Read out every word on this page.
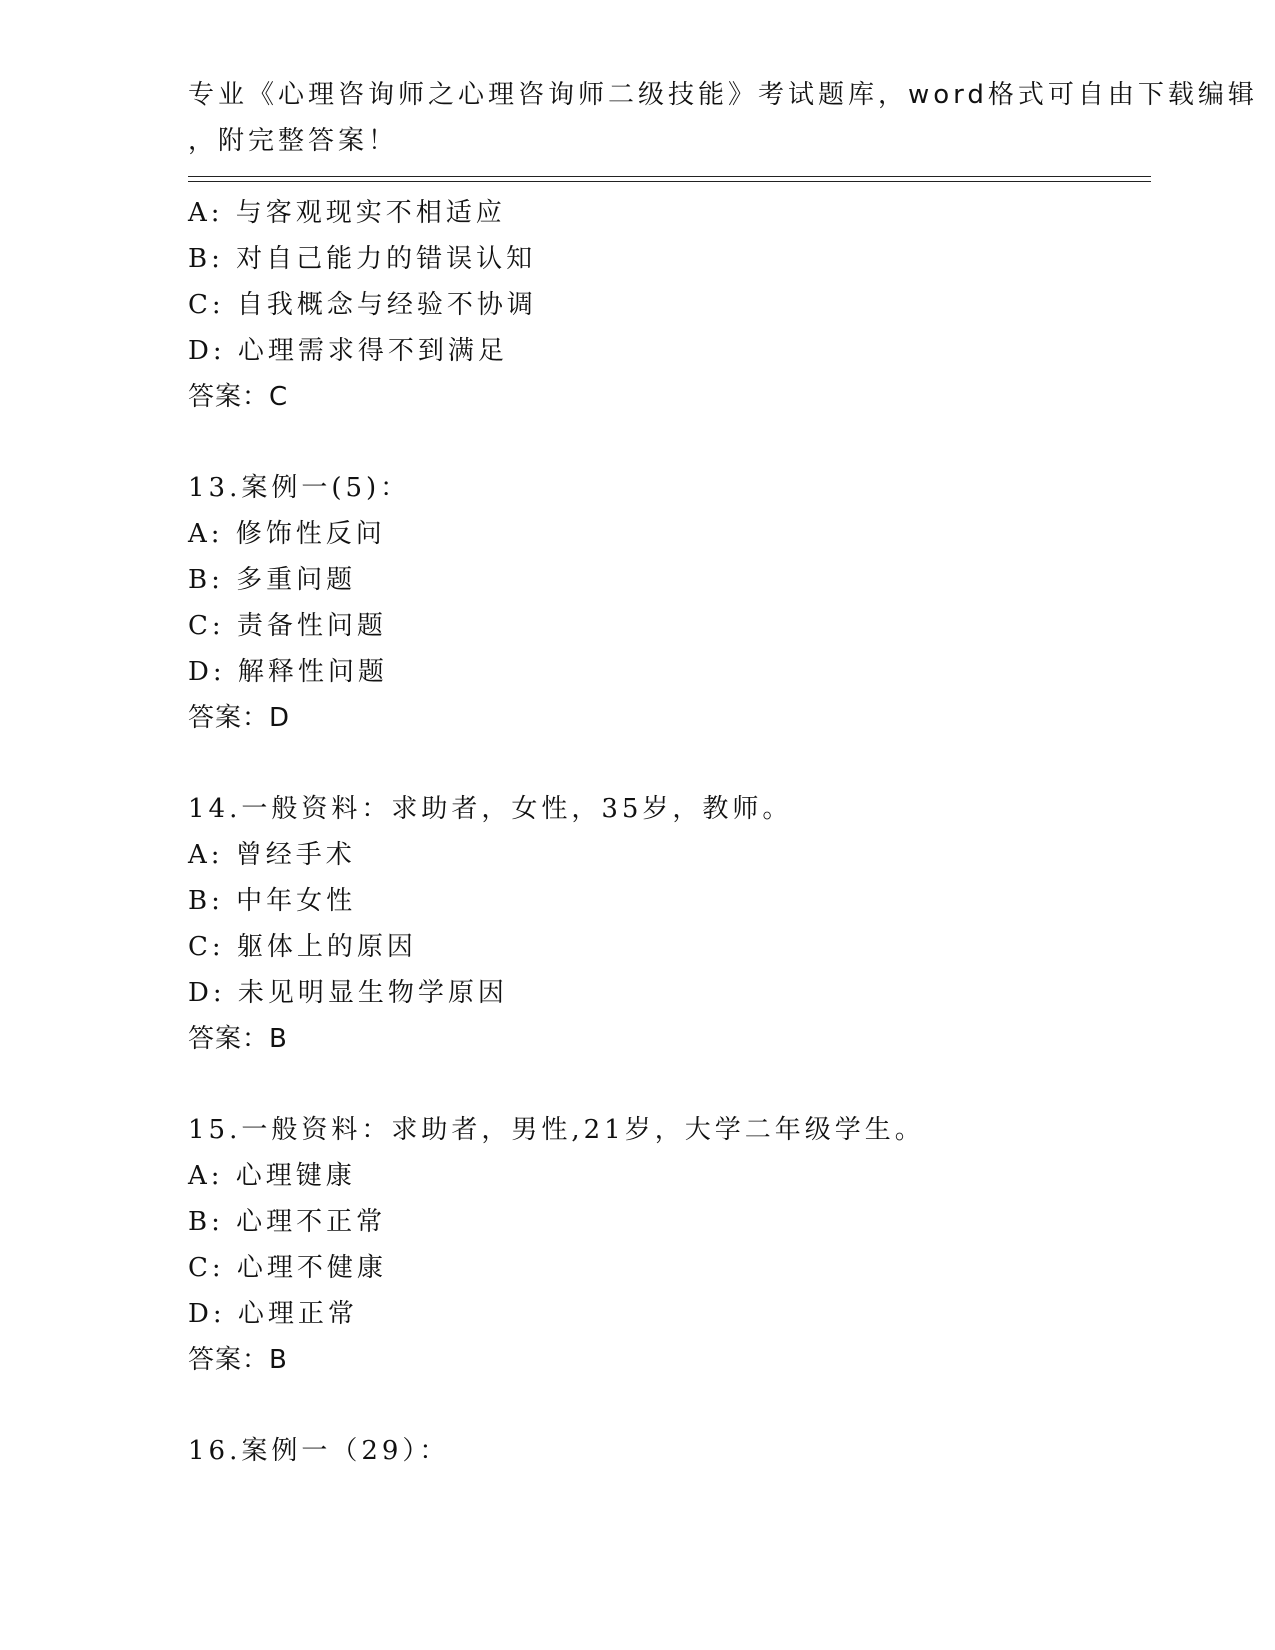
专业《心理咨询师之心理咨询师二级技能》考试题库，word格式可自由下载编辑
，附完整答案！
A: 与客观现实不相适应
B: 对自己能力的错误认知
C: 自我概念与经验不协调
D: 心理需求得不到满足
答案：C
13.案例一(5)：
A: 修饰性反问
B: 多重问题
C: 责备性问题
D: 解释性问题
答案：D
14.一般资料：求助者，女性，35岁，教师。
A: 曾经手术
B: 中年女性
C: 躯体上的原因
D: 未见明显生物学原因
答案：B
15.一般资料：求助者，男性,21岁，大学二年级学生。
A: 心理键康
B: 心理不正常
C: 心理不健康
D: 心理正常
答案：B
16.案例一（29）：
